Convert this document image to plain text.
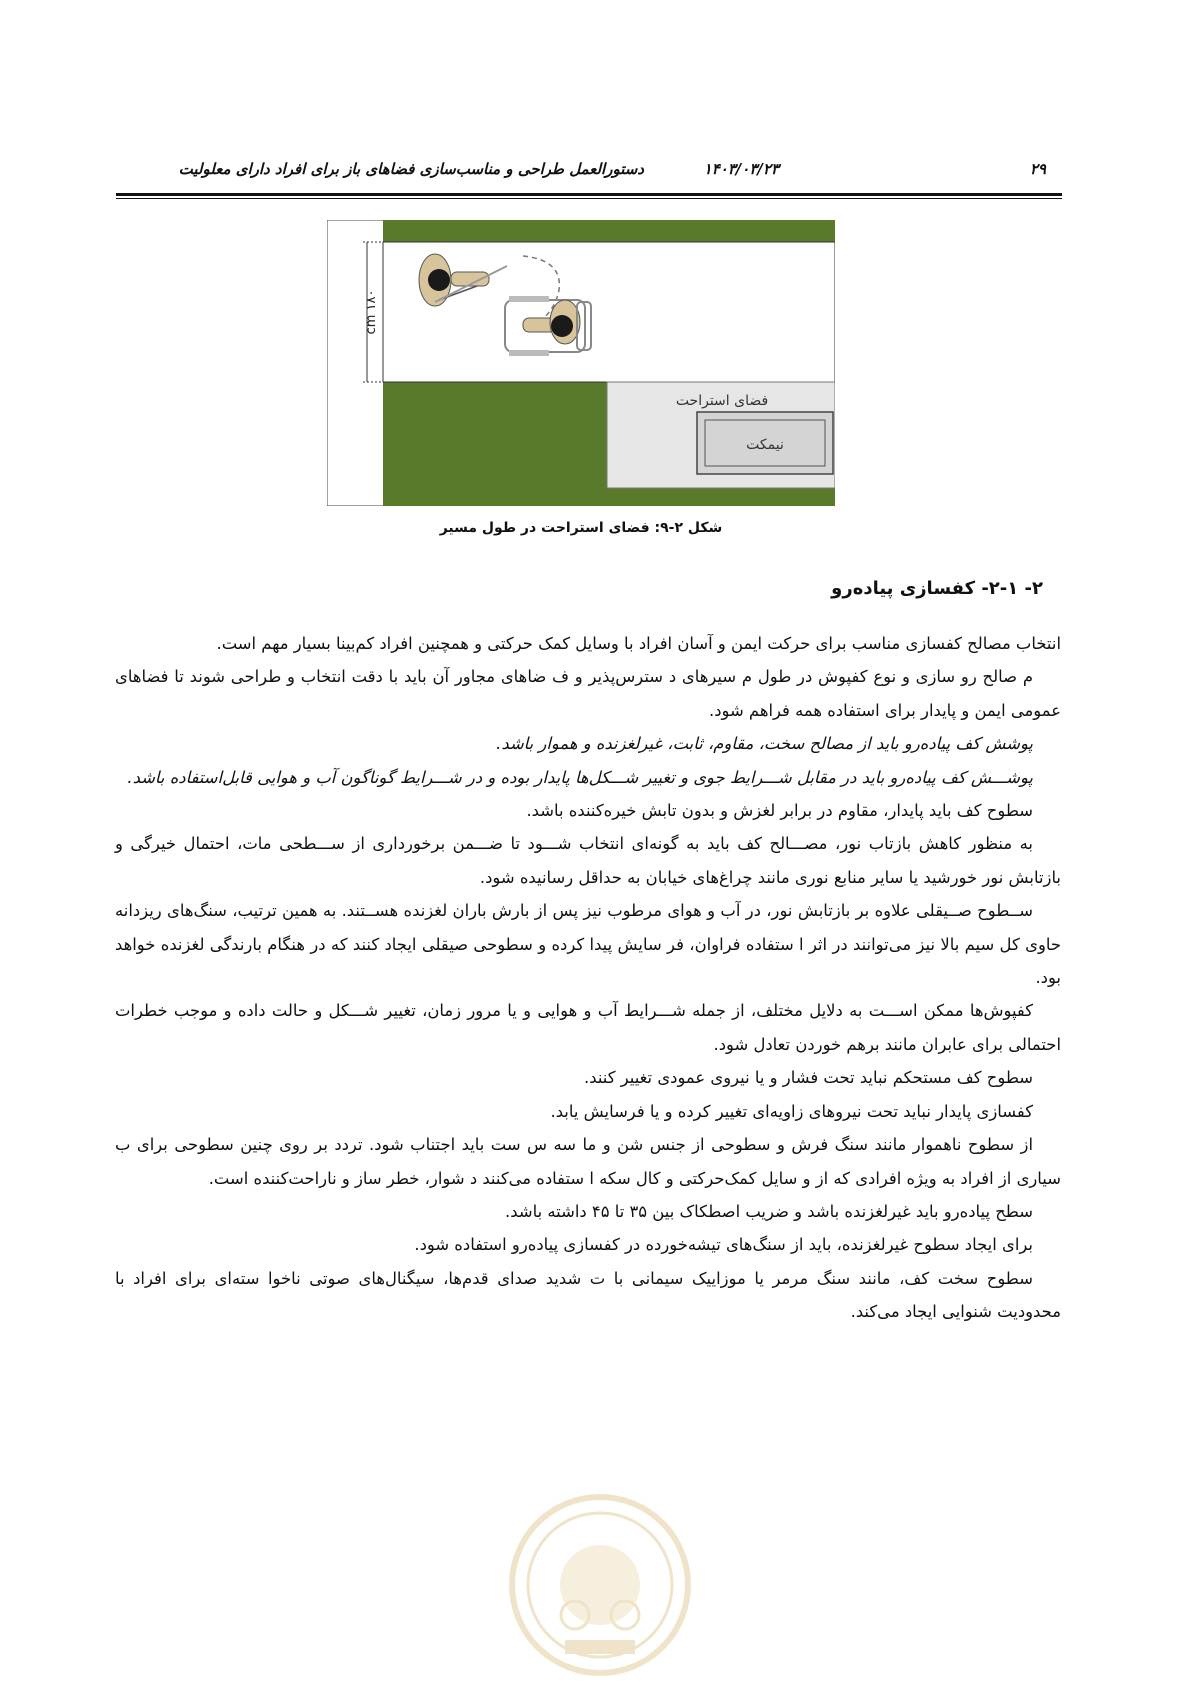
۲۹
۱۴۰۳/۰۳/۲۳
دستورالعمل طراحی و مناسب‌سازی فضاهای باز برای افراد دارای معلولیت
فضای استراحت
نیمکت
۱۸۰ cm
شکل ۲-۹: فضای استراحت در طول مسیر
۲- ۲-۱- کفسازی پیاده‌رو

انتخاب مصالح کفسازی مناسب برای حرکت ایمن و آسان افراد با وسایل کمک حرکتی و همچنین افراد کم‌بینا بسیار مهم است.

م صالح رو سازی و نوع کفپوش در طول م سیرهای د سترس‌پذیر و ف ضاهای مجاور آن باید با دقت انتخاب و طراحی شوند تا فضاهای عمومی ایمن و پایدار برای استفاده همه فراهم شود.

پوشش کف پیاده‌رو باید از مصالح سخت، مقاوم، ثابت، غیرلغزنده و هموار باشد.

پوشـــش کف پیاده‌رو باید در مقابل شـــرایط جوی و تغییر شـــکل‌ها پایدار بوده و در شـــرایط گوناگون آب و هوایی قابل‌استفاده باشد.

سطوح کف باید پایدار، مقاوم در برابر لغزش و بدون تابش خیره‌کننده باشد.

به منظور کاهش بازتاب نور، مصـــالح کف باید به گونه‌ای انتخاب شـــود تا ضـــمن برخورداری از ســـطحی مات، احتمال خیرگی و بازتابش نور خورشید یا سایر منابع نوری مانند چراغ‌های خیابان به حداقل رسانیده شود.

ســطوح صــیقلی علاوه بر بازتابش نور، در آب و هوای مرطوب نیز پس از بارش باران لغزنده هســتند. به همین ترتیب، سنگ‌های ریزدانه حاوی کل سیم بالا نیز می‌توانند در اثر ا ستفاده فراوان، فر سایش پیدا کرده و سطوحی صیقلی ایجاد کنند که در هنگام بارندگی لغزنده خواهد بود.

کفپوش‌ها ممکن اســـت به دلایل مختلف، از جمله شـــرایط آب و هوایی و یا مرور زمان، تغییر شـــکل و حالت داده و موجب خطرات احتمالی برای عابران مانند برهم خوردن تعادل شود.

سطوح کف مستحکم نباید تحت فشار و یا نیروی عمودی تغییر کنند.

کفسازی پایدار نباید تحت نیروهای زاویه‌ای تغییر کرده و یا فرسایش یابد.

از سطوح ناهموار مانند سنگ فرش و سطوحی از جنس شن و ما سه س ست باید اجتناب شود. تردد بر روی چنین سطوحی برای ب سیاری از افراد به ویژه افرادی که از و سایل کمک‌حرکتی و کال سکه ا ستفاده می‌کنند د شوار، خطر ساز و ناراحت‌کننده است.

سطح پیاده‌رو باید غیرلغزنده باشد و ضریب اصطکاک بین ۳۵ تا ۴۵ داشته باشد.

برای ایجاد سطوح غیرلغزنده، باید از سنگ‌های تیشه‌خورده در کفسازی پیاده‌رو استفاده شود.

سطوح سخت کف، مانند سنگ مرمر یا موزاییک سیمانی با ت شدید صدای قدم‌ها، سیگنال‌های صوتی ناخوا سته‌ای برای افراد با محدودیت شنوایی ایجاد می‌کند.
